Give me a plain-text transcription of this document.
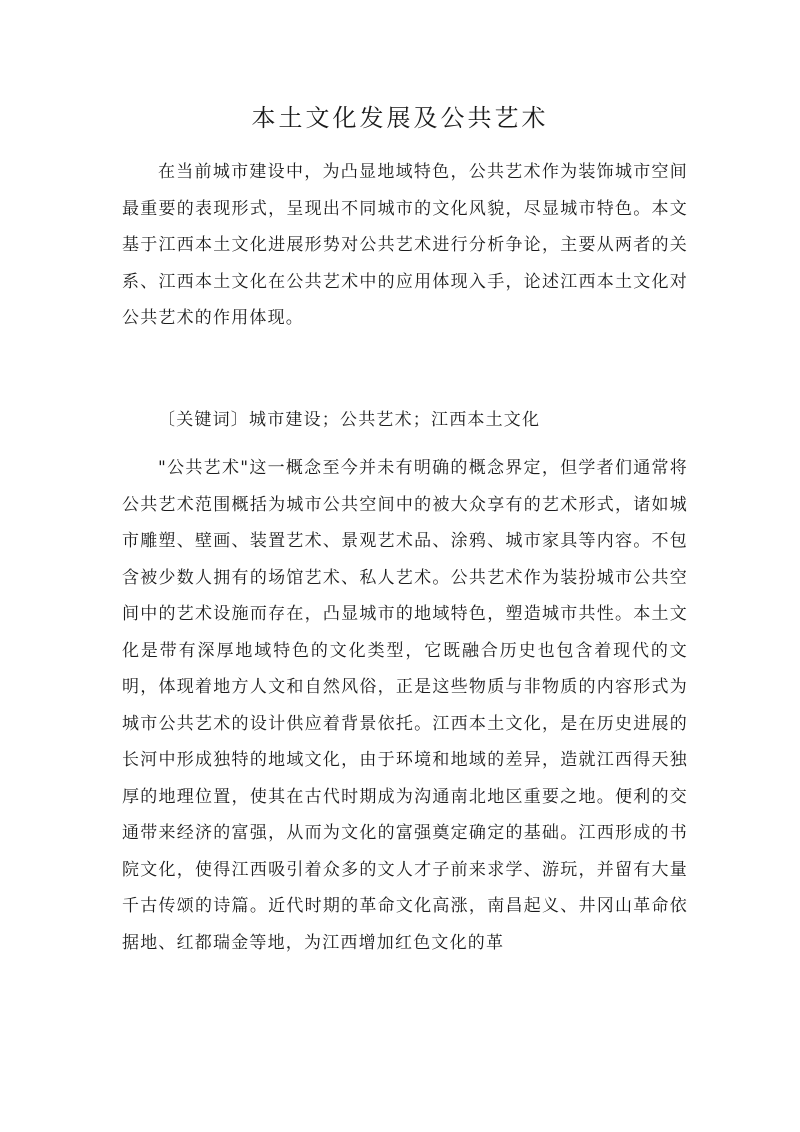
本土文化发展及公共艺术

在当前城市建设中，为凸显地域特色，公共艺术作为装饰城市空间最重要的表现形式，呈现出不同城市的文化风貌，尽显城市特色。本文基于江西本土文化进展形势对公共艺术进行分析争论，主要从两者的关系、江西本土文化在公共艺术中的应用体现入手，论述江西本土文化对公共艺术的作用体现。

〔关键词〕城市建设；公共艺术；江西本土文化

"公共艺术"这一概念至今并未有明确的概念界定，但学者们通常将公共艺术范围概括为城市公共空间中的被大众享有的艺术形式，诸如城市雕塑、壁画、装置艺术、景观艺术品、涂鸦、城市家具等内容。不包含被少数人拥有的场馆艺术、私人艺术。公共艺术作为装扮城市公共空间中的艺术设施而存在，凸显城市的地域特色，塑造城市共性。本土文化是带有深厚地域特色的文化类型，它既融合历史也包含着现代的文明，体现着地方人文和自然风俗，正是这些物质与非物质的内容形式为城市公共艺术的设计供应着背景依托。江西本土文化，是在历史进展的长河中形成独特的地域文化，由于环境和地域的差异，造就江西得天独厚的地理位置，使其在古代时期成为沟通南北地区重要之地。便利的交通带来经济的富强，从而为文化的富强奠定确定的基础。江西形成的书院文化，使得江西吸引着众多的文人才子前来求学、游玩，并留有大量千古传颂的诗篇。近代时期的革命文化高涨，南昌起义、井冈山革命依据地、红都瑞金等地，为江西增加红色文化的革
